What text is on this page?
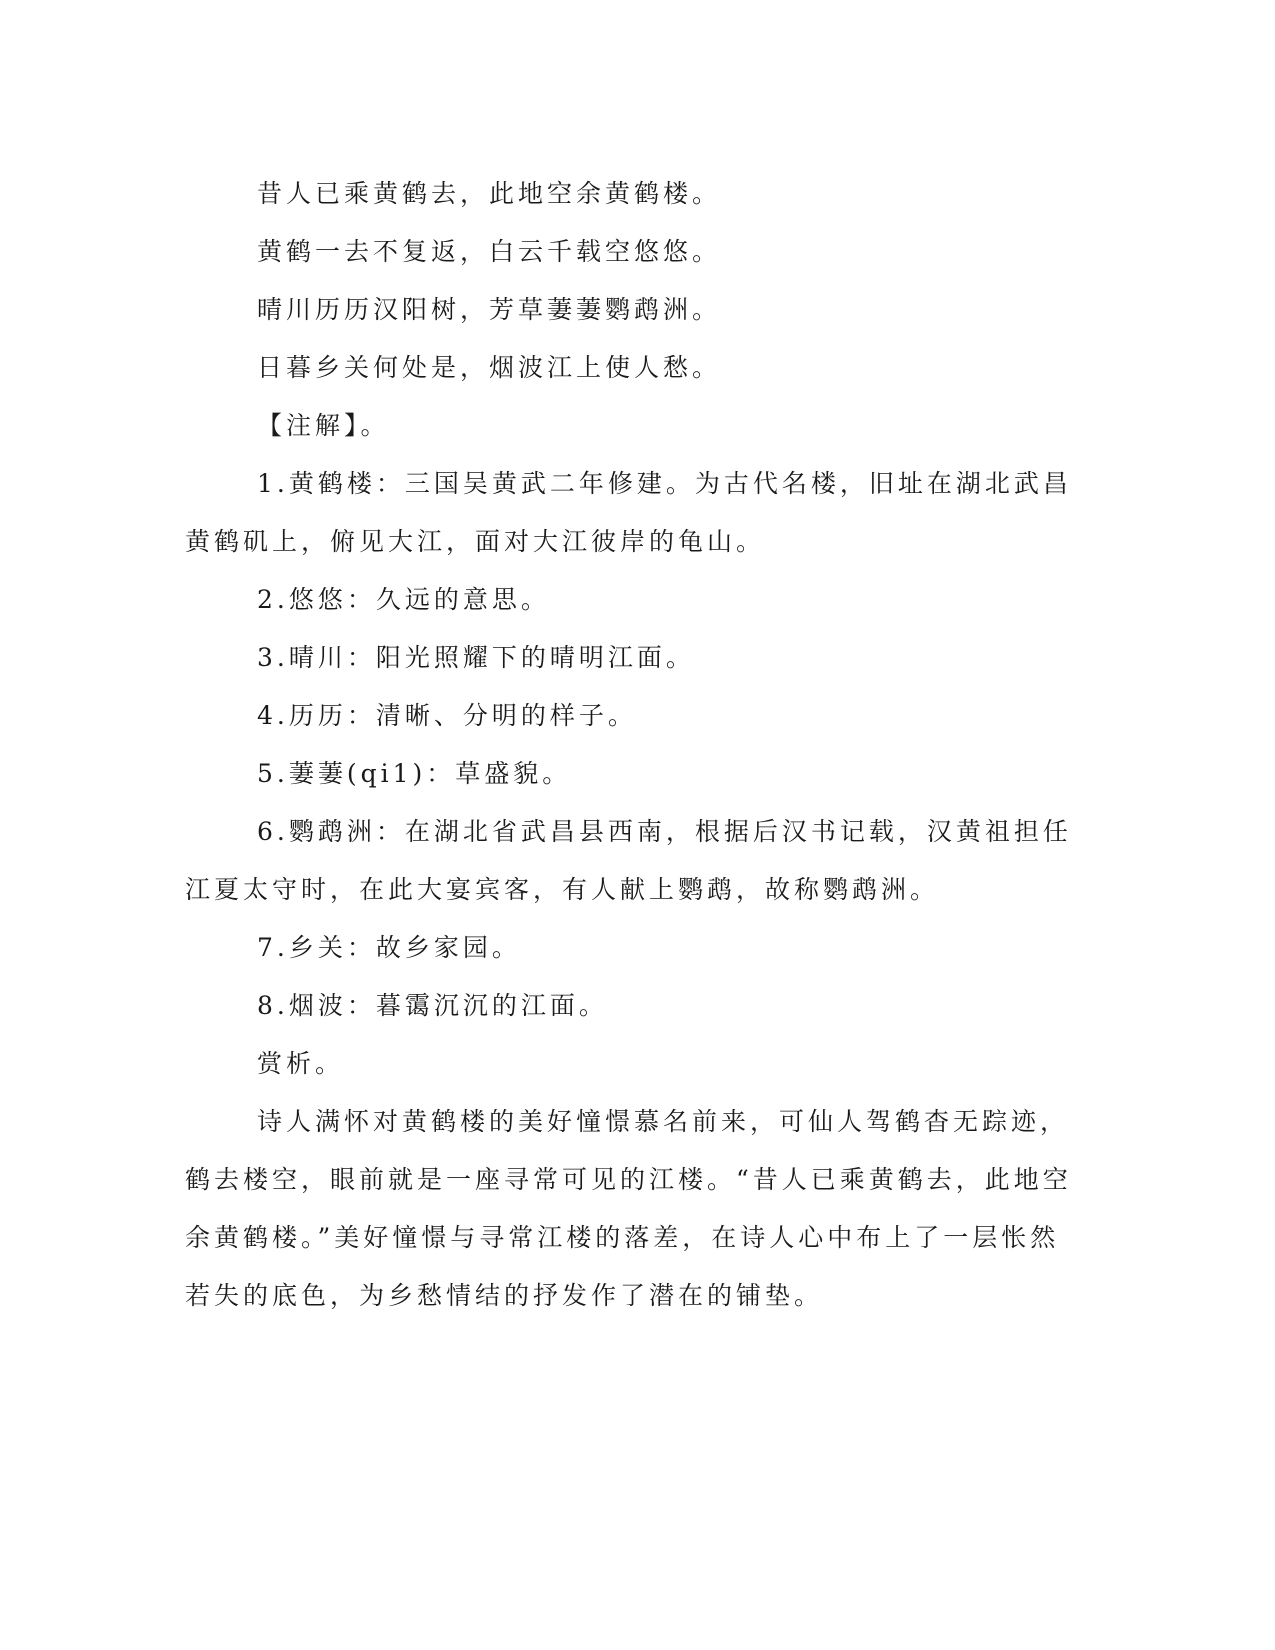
昔人已乘黄鹤去，此地空余黄鹤楼。

黄鹤一去不复返，白云千载空悠悠。

晴川历历汉阳树，芳草萋萋鹦鹉洲。

日暮乡关何处是，烟波江上使人愁。

【注解】。

1.黄鹤楼：三国吴黄武二年修建。为古代名楼，旧址在湖北武昌黄鹤矶上，俯见大江，面对大江彼岸的龟山。

2.悠悠：久远的意思。

3.晴川：阳光照耀下的晴明江面。

4.历历：清晰、分明的样子。

5.萋萋(qi1)：草盛貌。

6.鹦鹉洲：在湖北省武昌县西南，根据后汉书记载，汉黄祖担任江夏太守时，在此大宴宾客，有人献上鹦鹉，故称鹦鹉洲。

7.乡关：故乡家园。

8.烟波：暮霭沉沉的江面。

赏析。

诗人满怀对黄鹤楼的美好憧憬慕名前来，可仙人驾鹤杳无踪迹，鹤去楼空，眼前就是一座寻常可见的江楼。“昔人已乘黄鹤去，此地空余黄鹤楼。”美好憧憬与寻常江楼的落差，在诗人心中布上了一层怅然若失的底色，为乡愁情结的抒发作了潜在的铺垫。
